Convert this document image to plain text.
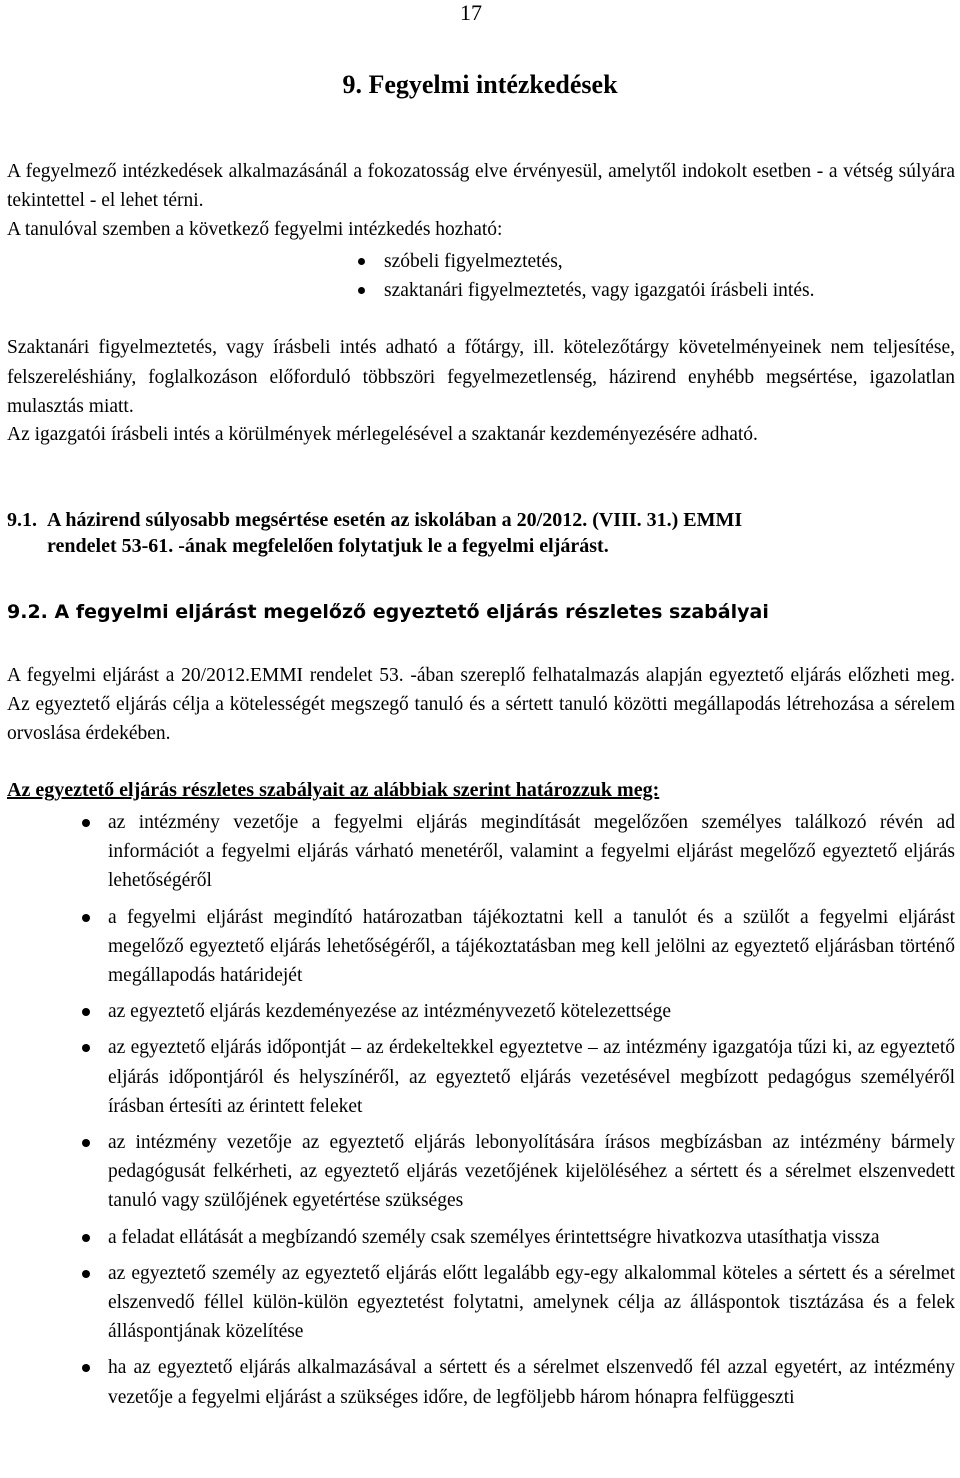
17
9. Fegyelmi intézkedések
A fegyelmező intézkedések alkalmazásánál a fokozatosság elve érvényesül, amelytől indokolt esetben - a vétség súlyára tekintettel - el lehet térni.
A tanulóval szemben a következő fegyelmi intézkedés hozható:
szóbeli figyelmeztetés,
szaktanári figyelmeztetés, vagy igazgatói írásbeli intés.
Szaktanári figyelmeztetés, vagy írásbeli intés adható a főtárgy, ill. kötelezőtárgy követelményeinek nem teljesítése, felszereléshiány, foglalkozáson előforduló többszöri fegyelmezetlenség, házirend enyhébb megsértése, igazolatlan mulasztás miatt.
Az igazgatói írásbeli intés a körülmények mérlegelésével a szaktanár kezdeményezésére adható.
9.1. A házirend súlyosabb megsértése esetén az iskolában a 20/2012. (VIII. 31.) EMMI
rendelet 53-61. -ának megfelelően folytatjuk le a fegyelmi eljárást.
9.2. A fegyelmi eljárást megelőző egyeztető eljárás részletes szabályai
A fegyelmi eljárást a 20/2012.EMMI rendelet 53. -ában szereplő felhatalmazás alapján egyeztető eljárás előzheti meg. Az egyeztető eljárás célja a kötelességét megszegő tanuló és a sértett tanuló közötti megállapodás létrehozása a sérelem orvoslása érdekében.
Az egyeztető eljárás részletes szabályait az alábbiak szerint határozzuk meg:
az intézmény vezetője a fegyelmi eljárás megindítását megelőzően személyes találkozó révén ad információt a fegyelmi eljárás várható menetéről, valamint a fegyelmi eljárást megelőző egyeztető eljárás lehetőségéről
a fegyelmi eljárást megindító határozatban tájékoztatni kell a tanulót és a szülőt a fegyelmi eljárást megelőző egyeztető eljárás lehetőségéről, a tájékoztatásban meg kell jelölni az egyeztető eljárásban történő megállapodás határidejét
az egyeztető eljárás kezdeményezése az intézményvezető kötelezettsége
az egyeztető eljárás időpontját – az érdekeltekkel egyeztetve – az intézmény igazgatója tűzi ki, az egyeztető eljárás időpontjáról és helyszínéről, az egyeztető eljárás vezetésével megbízott pedagógus személyéről írásban értesíti az érintett feleket
az intézmény vezetője az egyeztető eljárás lebonyolítására írásos megbízásban az intézmény bármely pedagógusát felkérheti, az egyeztető eljárás vezetőjének kijelöléséhez a sértett és a sérelmet elszenvedett tanuló vagy szülőjének egyetértése szükséges
a feladat ellátását a megbízandó személy csak személyes érintettségre hivatkozva utasíthatja vissza
az egyeztető személy az egyeztető eljárás előtt legalább egy-egy alkalommal köteles a sértett és a sérelmet elszenvedő féllel külön-külön egyeztetést folytatni, amelynek célja az álláspontok tisztázása és a felek álláspontjának közelítése
ha az egyeztető eljárás alkalmazásával a sértett és a sérelmet elszenvedő fél azzal egyetért, az intézmény vezetője a fegyelmi eljárást a szükséges időre, de legföljebb három hónapra felfüggeszti
